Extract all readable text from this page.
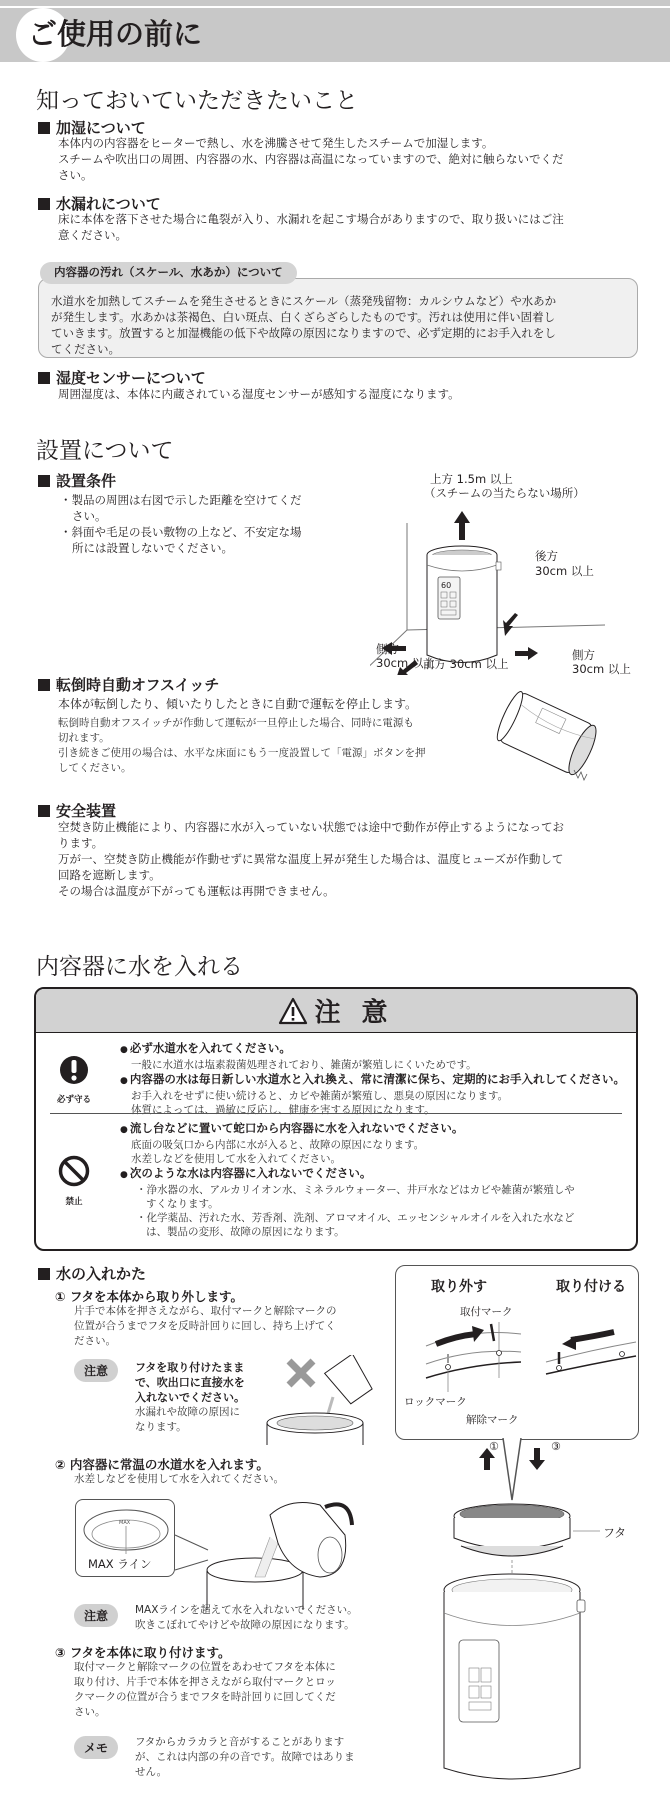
ご使用の前に
知っておいていただきたいこと
加湿について
本体内の内容器をヒーターで熱し、水を沸騰させて発生したスチームで加湿します。
スチームや吹出口の周囲、内容器の水、内容器は高温になっていますので、絶対に触らないでくだ
さい。
水漏れについて
床に本体を落下させた場合に亀裂が入り、水漏れを起こす場合がありますので、取り扱いにはご注
意ください。
水道水を加熱してスチームを発生させるときにスケール（蒸発残留物：カルシウムなど）や水あか
が発生します。水あかは茶褐色、白い斑点、白くざらざらしたものです。汚れは使用に伴い固着し
ていきます。放置すると加湿機能の低下や故障の原因になりますので、必ず定期的にお手入れをし
てください。
内容器の汚れ（スケール、水あか）について
湿度センサーについて
周囲湿度は、本体に内蔵されている湿度センサーが感知する湿度になります。
設置について
設置条件
・製品の周囲は右図で示した距離を空けてくだ
さい。
・斜面や毛足の長い敷物の上など、不安定な場
所には設置しないでください。
上方 1.5m 以上
（スチームの当たらない場所）
60
後方
30cm 以上
側方
30cm 以上
側方
30cm 以上
前方 30cm 以上
転倒時自動オフスイッチ
本体が転倒したり、傾いたりしたときに自動で運転を停止します。
転倒時自動オフスイッチが作動して運転が一旦停止した場合、同時に電源も
切れます。
引き続きご使用の場合は、水平な床面にもう一度設置して「電源」ボタンを押
してください。
安全装置
空焚き防止機能により、内容器に水が入っていない状態では途中で動作が停止するようになってお
ります。
万が一、空焚き防止機能が作動せずに異常な温度上昇が発生した場合は、温度ヒューズが作動して
回路を遮断します。
その場合は温度が下がっても運転は再開できません。
内容器に水を入れる
注 意
必ず守る
● 必ず水道水を入れてください。
一般に水道水は塩素殺菌処理されており、雑菌が繁殖しにくいためです。
● 内容器の水は毎日新しい水道水と入れ換え、常に清潔に保ち、定期的にお手入れしてください。
お手入れをせずに使い続けると、カビや雑菌が繁殖し、悪臭の原因になります。
体質によっては、過敏に反応し、健康を害する原因になります。
禁止
● 流し台などに置いて蛇口から内容器に水を入れないでください。
底面の吸気口から内部に水が入ると、故障の原因になります。
水差しなどを使用して水を入れてください。
● 次のような水は内容器に入れないでください。
・浄水器の水、アルカリイオン水、ミネラルウォーター、井戸水などはカビや雑菌が繁殖しや
すくなります。
・化学薬品、汚れた水、芳香剤、洗剤、アロマオイル、エッセンシャルオイルを入れた水など
は、製品の変形、故障の原因になります。
水の入れかた
① フタを本体から取り外します。
片手で本体を押さえながら、取付マークと解除マークの
位置が合うまでフタを反時計回りに回し、持ち上げてく
ださい。
注意	フタを取り付けたまま
で、吹出口に直接水を
入れないでください。
水漏れや故障の原因に
なります。
取り外す	取り付ける
取付マーク
ロックマーク
解除マーク
①	③
フタ
② 内容器に常温の水道水を入れます。
水差しなどを使用して水を入れてください。
MAX
MAX ライン
注意	MAXラインを超えて水を入れないでください。
吹きこぼれてやけどや故障の原因になります。
③ フタを本体に取り付けます。
取付マークと解除マークの位置をあわせてフタを本体に
取り付け、片手で本体を押さえながら取付マークとロッ
クマークの位置が合うまでフタを時計回りに回してくだ
さい。
メモ	フタからカラカラと音がすることがあります
が、これは内部の弁の音です。故障ではありま
せん。
